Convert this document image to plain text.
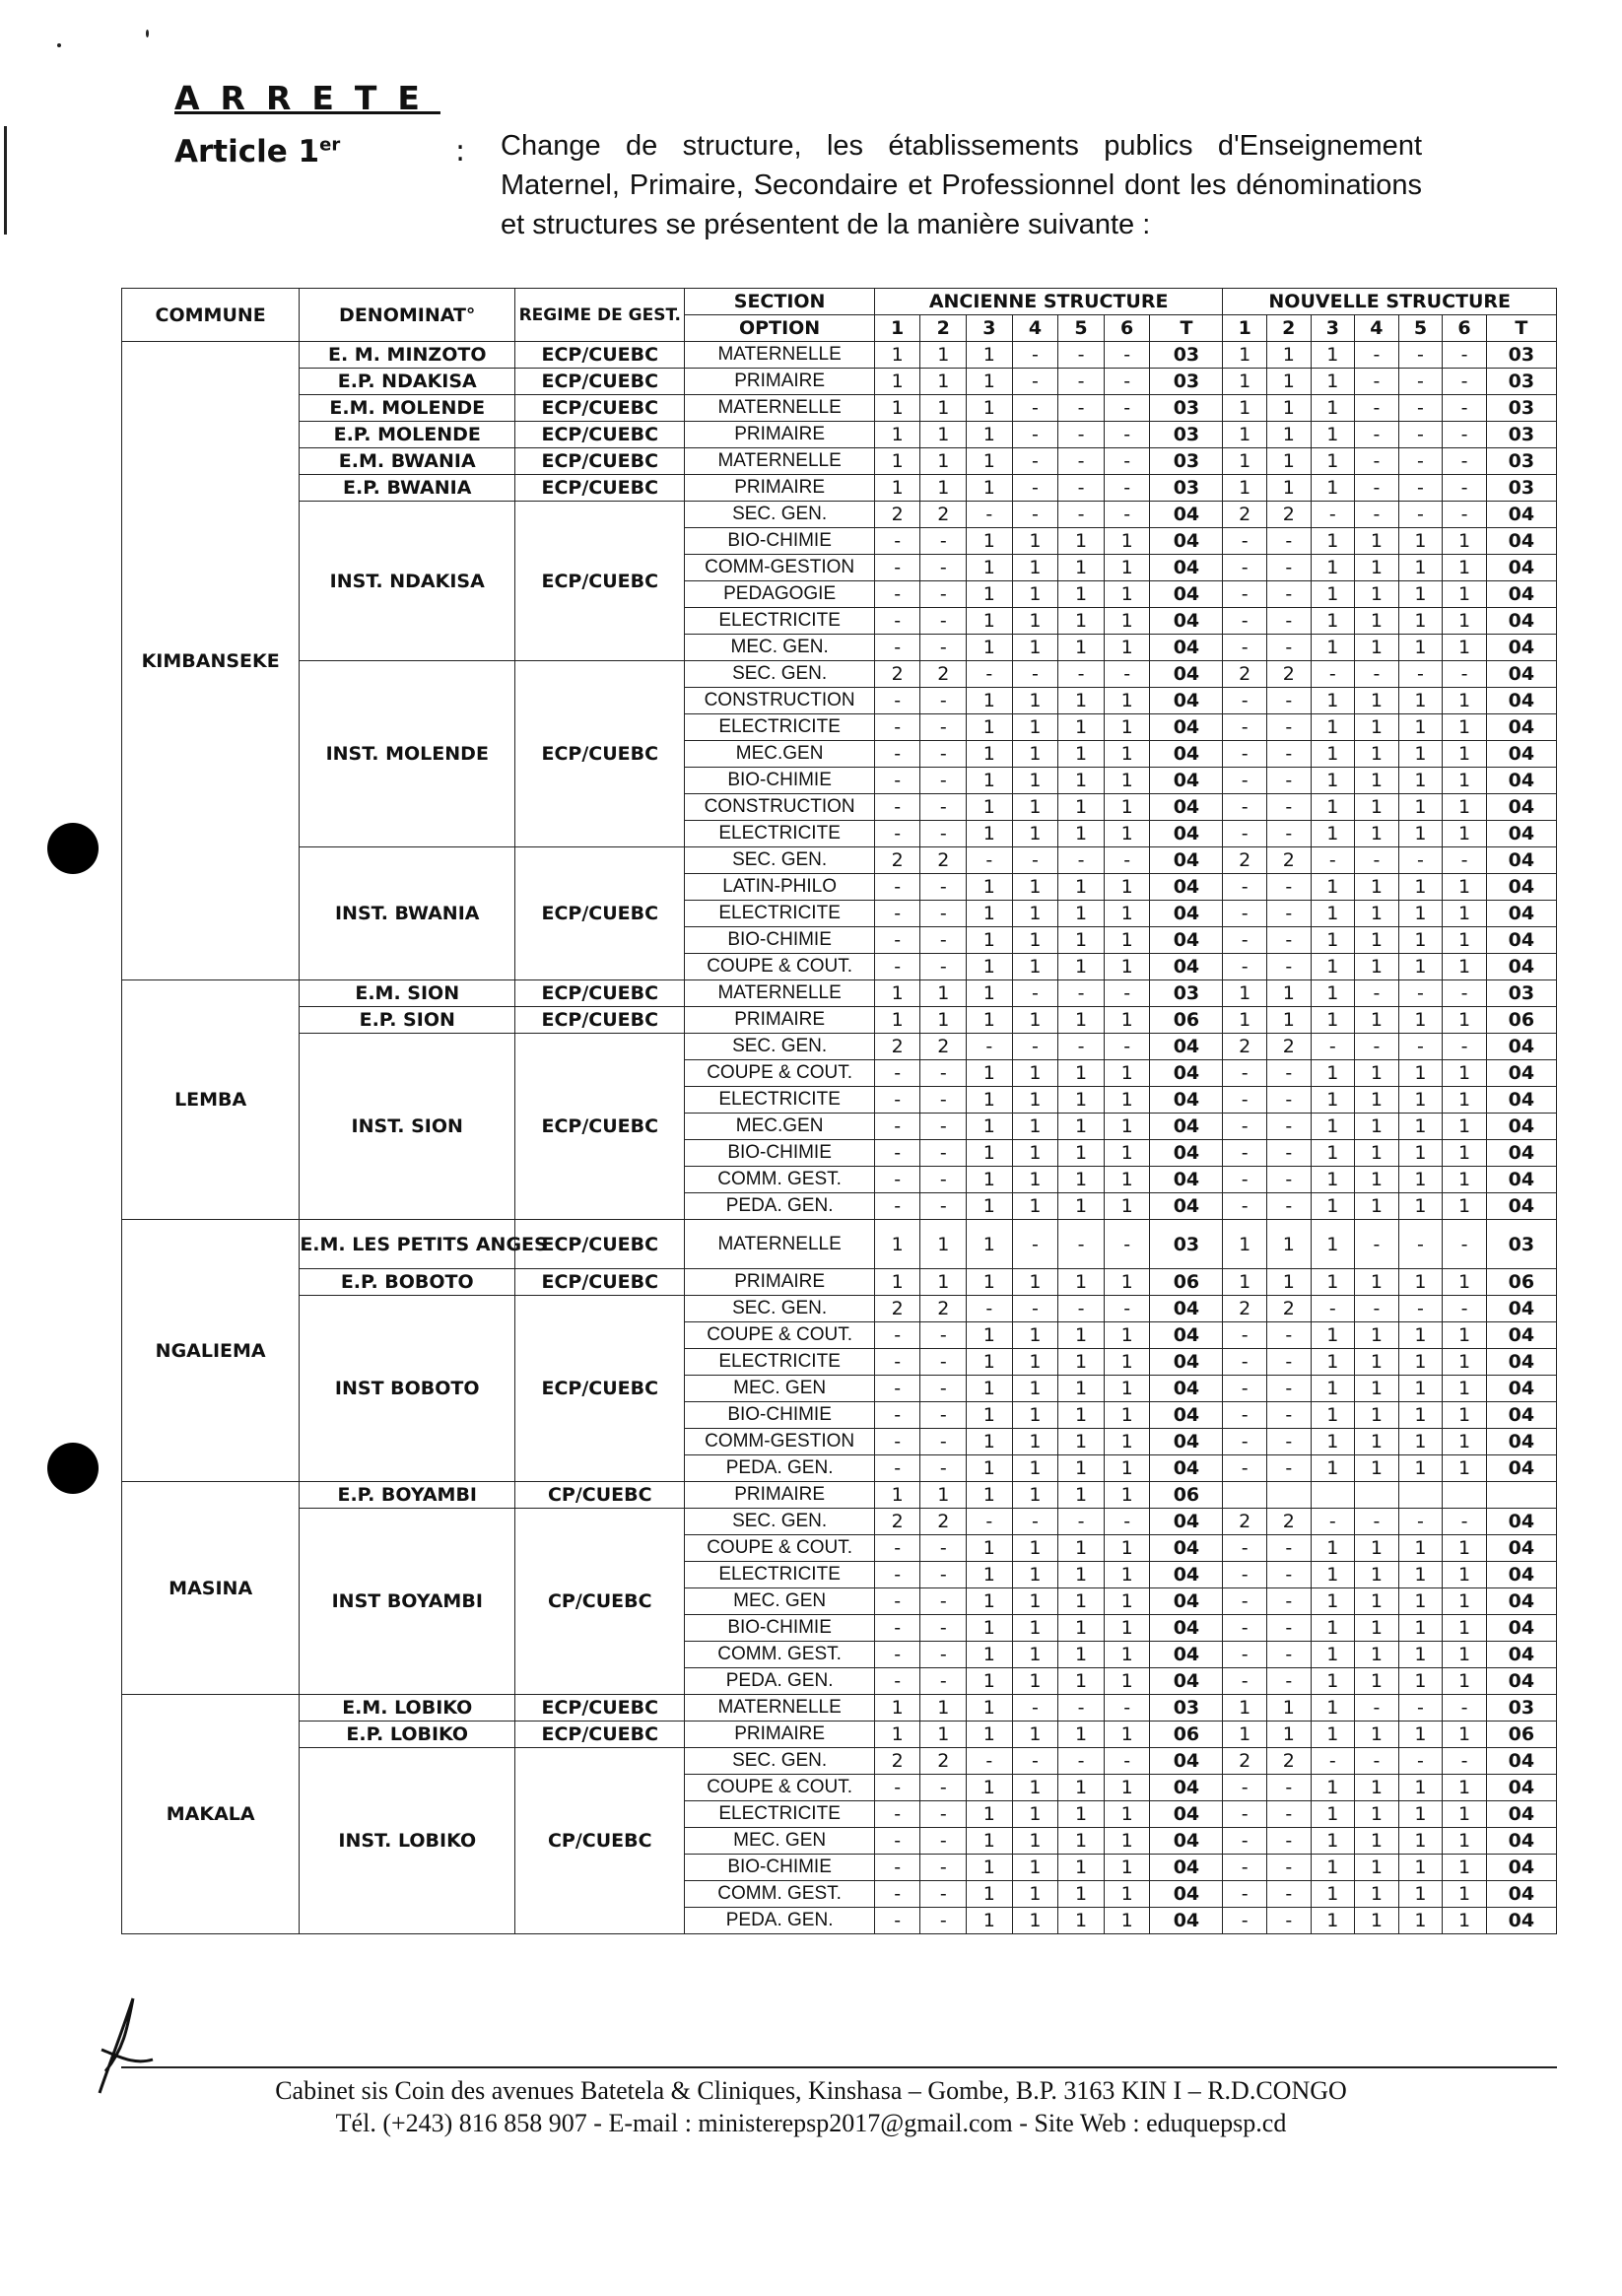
ARRETE
Article 1er	: Change de structure, les établissements publics d'Enseignement Maternel, Primaire, Secondaire et Professionnel dont les dénominations et structures se présentent de la manière suivante :
COMMUNE	DENOMINAT°	REGIME DE GEST.	SECTION	ANCIENNE STRUCTURE							NOUVELLE STRUCTURE						
			OPTION	1	2	3	4	5	6	T	1	2	3	4	5	6	T
KIMBANSEKE	E. M. MINZOTO	ECP/CUEBC	MATERNELLE	1	1	1	-	-	-	03	1	1	1	-	-	-	03
	E.P. NDAKISA	ECP/CUEBC	PRIMAIRE	1	1	1	-	-	-	03	1	1	1	-	-	-	03
	E.M. MOLENDE	ECP/CUEBC	MATERNELLE	1	1	1	-	-	-	03	1	1	1	-	-	-	03
	E.P. MOLENDE	ECP/CUEBC	PRIMAIRE	1	1	1	-	-	-	03	1	1	1	-	-	-	03
	E.M. BWANIA	ECP/CUEBC	MATERNELLE	1	1	1	-	-	-	03	1	1	1	-	-	-	03
	E.P. BWANIA	ECP/CUEBC	PRIMAIRE	1	1	1	-	-	-	03	1	1	1	-	-	-	03
	INST. NDAKISA	ECP/CUEBC	SEC. GEN.	2	2	-	-	-	-	04	2	2	-	-	-	-	04
			BIO-CHIMIE	-	-	1	1	1	1	04	-	-	1	1	1	1	04
			COMM-GESTION	-	-	1	1	1	1	04	-	-	1	1	1	1	04
			PEDAGOGIE	-	-	1	1	1	1	04	-	-	1	1	1	1	04
			ELECTRICITE	-	-	1	1	1	1	04	-	-	1	1	1	1	04
			MEC. GEN.	-	-	1	1	1	1	04	-	-	1	1	1	1	04
	INST. MOLENDE	ECP/CUEBC	SEC. GEN.	2	2	-	-	-	-	04	2	2	-	-	-	-	04
			CONSTRUCTION	-	-	1	1	1	1	04	-	-	1	1	1	1	04
			ELECTRICITE	-	-	1	1	1	1	04	-	-	1	1	1	1	04
			MEC.GEN	-	-	1	1	1	1	04	-	-	1	1	1	1	04
			BIO-CHIMIE	-	-	1	1	1	1	04	-	-	1	1	1	1	04
			CONSTRUCTION	-	-	1	1	1	1	04	-	-	1	1	1	1	04
			ELECTRICITE	-	-	1	1	1	1	04	-	-	1	1	1	1	04
	INST. BWANIA	ECP/CUEBC	SEC. GEN.	2	2	-	-	-	-	04	2	2	-	-	-	-	04
			LATIN-PHILO	-	-	1	1	1	1	04	-	-	1	1	1	1	04
			ELECTRICITE	-	-	1	1	1	1	04	-	-	1	1	1	1	04
			BIO-CHIMIE	-	-	1	1	1	1	04	-	-	1	1	1	1	04
			COUPE & COUT.	-	-	1	1	1	1	04	-	-	1	1	1	1	04
LEMBA	E.M. SION	ECP/CUEBC	MATERNELLE	1	1	1	-	-	-	03	1	1	1	-	-	-	03
	E.P. SION	ECP/CUEBC	PRIMAIRE	1	1	1	1	1	1	06	1	1	1	1	1	1	06
	INST. SION	ECP/CUEBC	SEC. GEN.	2	2	-	-	-	-	04	2	2	-	-	-	-	04
			COUPE & COUT.	-	-	1	1	1	1	04	-	-	1	1	1	1	04
			ELECTRICITE	-	-	1	1	1	1	04	-	-	1	1	1	1	04
			MEC.GEN	-	-	1	1	1	1	04	-	-	1	1	1	1	04
			BIO-CHIMIE	-	-	1	1	1	1	04	-	-	1	1	1	1	04
			COMM. GEST.	-	-	1	1	1	1	04	-	-	1	1	1	1	04
			PEDA. GEN.	-	-	1	1	1	1	04	-	-	1	1	1	1	04
NGALIEMA	E.M. LES PETITS ANGES	ECP/CUEBC	MATERNELLE	1	1	1	-	-	-	03	1	1	1	-	-	-	03
	E.P. BOBOTO	ECP/CUEBC	PRIMAIRE	1	1	1	1	1	1	06	1	1	1	1	1	1	06
	INST BOBOTO	ECP/CUEBC	SEC. GEN.	2	2	-	-	-	-	04	2	2	-	-	-	-	04
			COUPE & COUT.	-	-	1	1	1	1	04	-	-	1	1	1	1	04
			ELECTRICITE	-	-	1	1	1	1	04	-	-	1	1	1	1	04
			MEC. GEN	-	-	1	1	1	1	04	-	-	1	1	1	1	04
			BIO-CHIMIE	-	-	1	1	1	1	04	-	-	1	1	1	1	04
			COMM-GESTION	-	-	1	1	1	1	04	-	-	1	1	1	1	04
			PEDA. GEN.	-	-	1	1	1	1	04	-	-	1	1	1	1	04
MASINA	E.P. BOYAMBI	CP/CUEBC	PRIMAIRE	1	1	1	1	1	1	06							
	INST BOYAMBI	CP/CUEBC	SEC. GEN.	2	2	-	-	-	-	04	2	2	-	-	-	-	04
			COUPE & COUT.	-	-	1	1	1	1	04	-	-	1	1	1	1	04
			ELECTRICITE	-	-	1	1	1	1	04	-	-	1	1	1	1	04
			MEC. GEN	-	-	1	1	1	1	04	-	-	1	1	1	1	04
			BIO-CHIMIE	-	-	1	1	1	1	04	-	-	1	1	1	1	04
			COMM. GEST.	-	-	1	1	1	1	04	-	-	1	1	1	1	04
			PEDA. GEN.	-	-	1	1	1	1	04	-	-	1	1	1	1	04
MAKALA	E.M. LOBIKO	ECP/CUEBC	MATERNELLE	1	1	1	-	-	-	03	1	1	1	-	-	-	03
	E.P. LOBIKO	ECP/CUEBC	PRIMAIRE	1	1	1	1	1	1	06	1	1	1	1	1	1	06
	INST. LOBIKO	CP/CUEBC	SEC. GEN.	2	2	-	-	-	-	04	2	2	-	-	-	-	04
			COUPE & COUT.	-	-	1	1	1	1	04	-	-	1	1	1	1	04
			ELECTRICITE	-	-	1	1	1	1	04	-	-	1	1	1	1	04
			MEC. GEN	-	-	1	1	1	1	04	-	-	1	1	1	1	04
			BIO-CHIMIE	-	-	1	1	1	1	04	-	-	1	1	1	1	04
			COMM. GEST.	-	-	1	1	1	1	04	-	-	1	1	1	1	04
			PEDA. GEN.	-	-	1	1	1	1	04	-	-	1	1	1	1	04
Cabinet sis Coin des avenues Batetela & Cliniques, Kinshasa – Gombe, B.P. 3163 KIN I – R.D.CONGO
Tél. (+243) 816 858 907 - E-mail : ministerepsp2017@gmail.com - Site Web : eduquepsp.cd
